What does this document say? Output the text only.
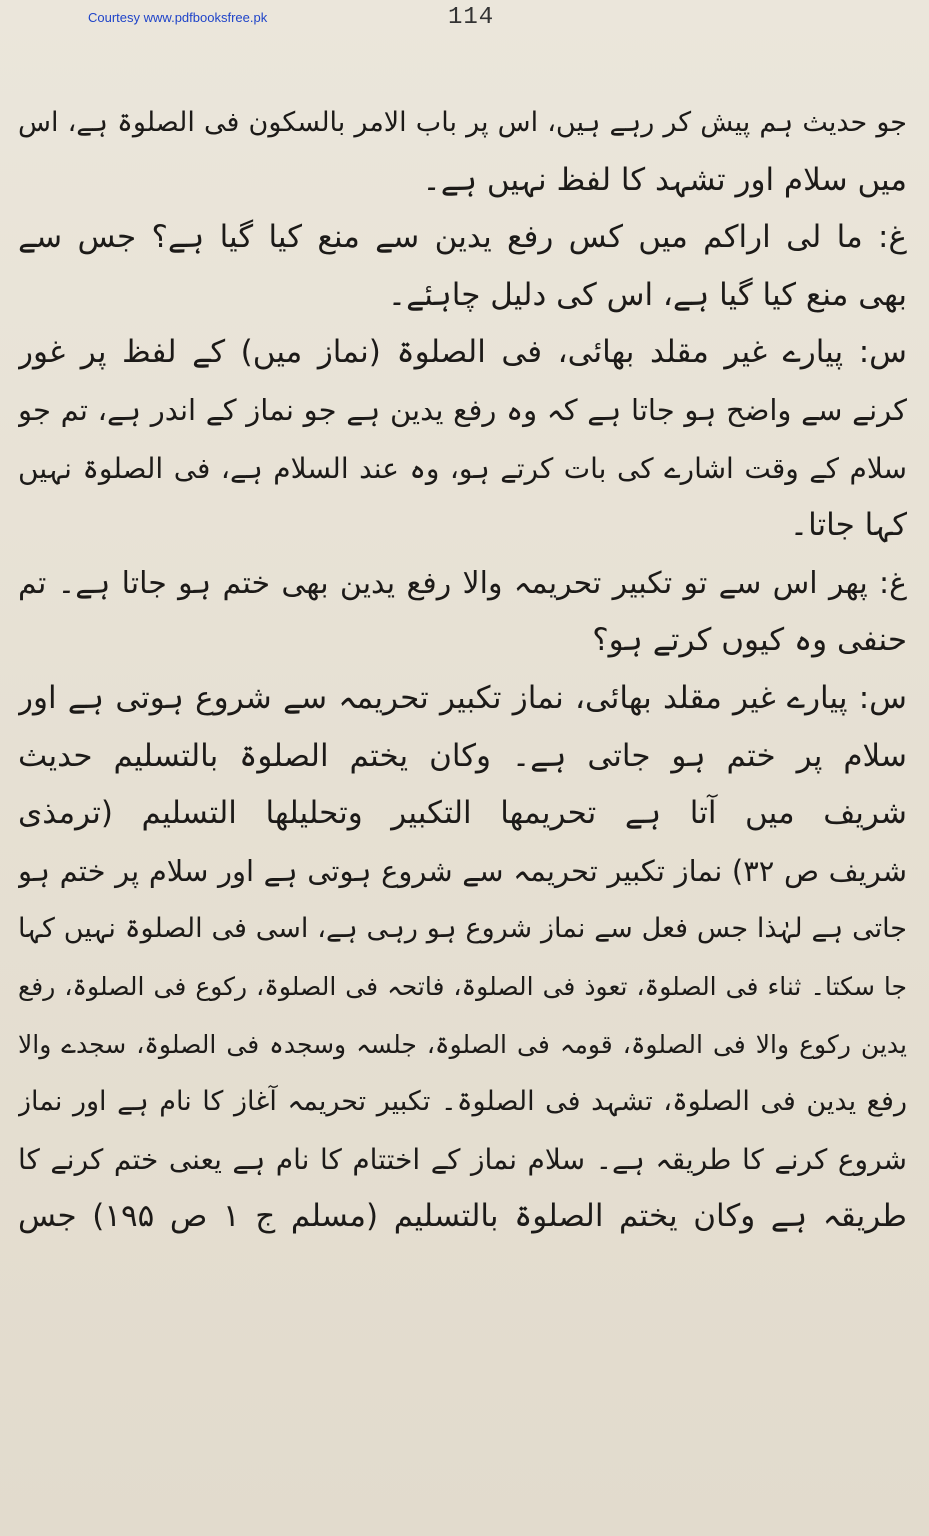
Courtesy www.pdfbooksfree.pk	114
جو حدیث ہم پیش کر رہے ہیں، اس پر باب الامر بالسکون فی الصلوۃ ہے، اس
میں سلام اور تشہد کا لفظ نہیں ہے۔
غ: ما لی اراکم میں کس رفع یدین سے منع کیا گیا ہے؟ جس سے
بھی منع کیا گیا ہے، اس کی دلیل چاہئے۔
س: پیارے غیر مقلد بھائی، فی الصلوۃ (نماز میں) کے لفظ پر غور
کرنے سے واضح ہو جاتا ہے کہ وہ رفع یدین ہے جو نماز کے اندر ہے، تم جو
سلام کے وقت اشارے کی بات کرتے ہو، وہ عند السلام ہے، فی الصلوۃ نہیں
کہا جاتا۔
غ: پھر اس سے تو تکبیر تحریمہ والا رفع یدین بھی ختم ہو جاتا ہے۔ تم
حنفی وہ کیوں کرتے ہو؟
س: پیارے غیر مقلد بھائی، نماز تکبیر تحریمہ سے شروع ہوتی ہے اور
سلام پر ختم ہو جاتی ہے۔ وکان یختم الصلوۃ بالتسلیم حدیث
شریف میں آتا ہے تحریمها التکبیر وتحلیلها التسلیم (ترمذی
شریف ص ۳۲) نماز تکبیر تحریمہ سے شروع ہوتی ہے اور سلام پر ختم ہو
جاتی ہے لہٰذا جس فعل سے نماز شروع ہو رہی ہے، اسی فی الصلوۃ نہیں کہا
جا سکتا۔ ثناء فی الصلوۃ، تعوذ فی الصلوۃ، فاتحہ فی الصلوۃ، رکوع فی الصلوۃ، رفع
یدین رکوع والا فی الصلوۃ، قومہ فی الصلوۃ، جلسہ وسجدہ فی الصلوۃ، سجدے والا
رفع یدین فی الصلوۃ، تشہد فی الصلوۃ۔ تکبیر تحریمہ آغاز کا نام ہے اور نماز
شروع کرنے کا طریقہ ہے۔ سلام نماز کے اختتام کا نام ہے یعنی ختم کرنے کا
طریقہ ہے وکان یختم الصلوۃ بالتسلیم (مسلم ج ۱ ص ۱۹۵) جس
